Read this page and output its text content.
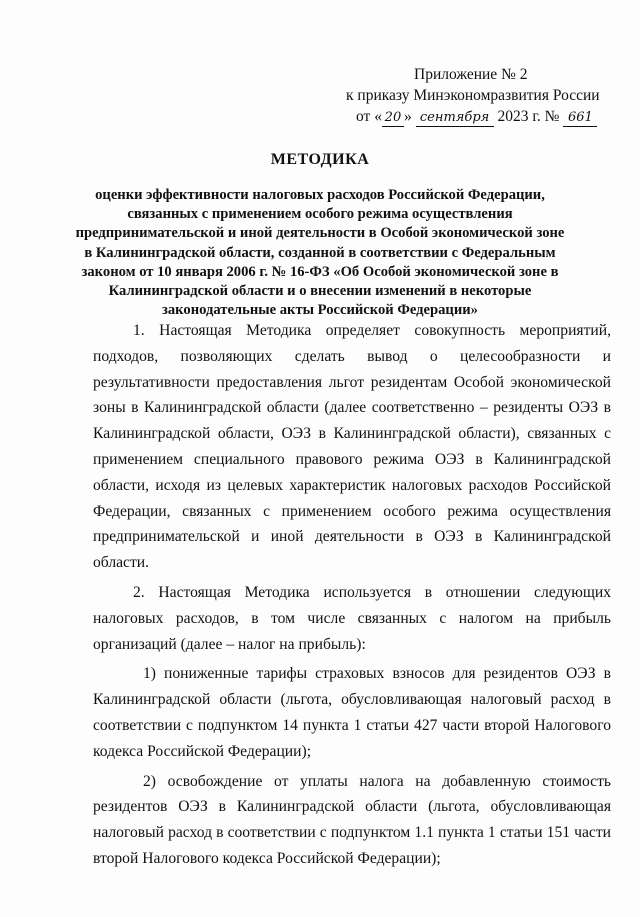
Приложение № 2
к приказу Минэкономразвития России
от « 20 » сентября 2023 г. № 661
МЕТОДИКА
оценки эффективности налоговых расходов Российской Федерации, связанных с применением особого режима осуществления предпринимательской и иной деятельности в Особой экономической зоне в Калининградской области, созданной в соответствии с Федеральным законом от 10 января 2006 г. № 16-ФЗ «Об Особой экономической зоне в Калининградской области и о внесении изменений в некоторые законодательные акты Российской Федерации»

1. Настоящая Методика определяет совокупность мероприятий, подходов, позволяющих сделать вывод о целесообразности и результативности предоставления льгот резидентам Особой экономической зоны в Калининградской области (далее соответственно – резиденты ОЭЗ в Калининградской области, ОЭЗ в Калининградской области), связанных с применением специального правового режима ОЭЗ в Калининградской области, исходя из целевых характеристик налоговых расходов Российской Федерации, связанных с применением особого режима осуществления предпринимательской и иной деятельности в ОЭЗ в Калининградской области.

2. Настоящая Методика используется в отношении следующих налоговых расходов, в том числе связанных с налогом на прибыль организаций (далее – налог на прибыль):

1) пониженные тарифы страховых взносов для резидентов ОЭЗ в Калининградской области (льгота, обусловливающая налоговый расход в соответствии с подпунктом 14 пункта 1 статьи 427 части второй Налогового кодекса Российской Федерации);

2) освобождение от уплаты налога на добавленную стоимость резидентов ОЭЗ в Калининградской области (льгота, обусловливающая налоговый расход в соответствии с подпунктом 1.1 пункта 1 статьи 151 части второй Налогового кодекса Российской Федерации);
